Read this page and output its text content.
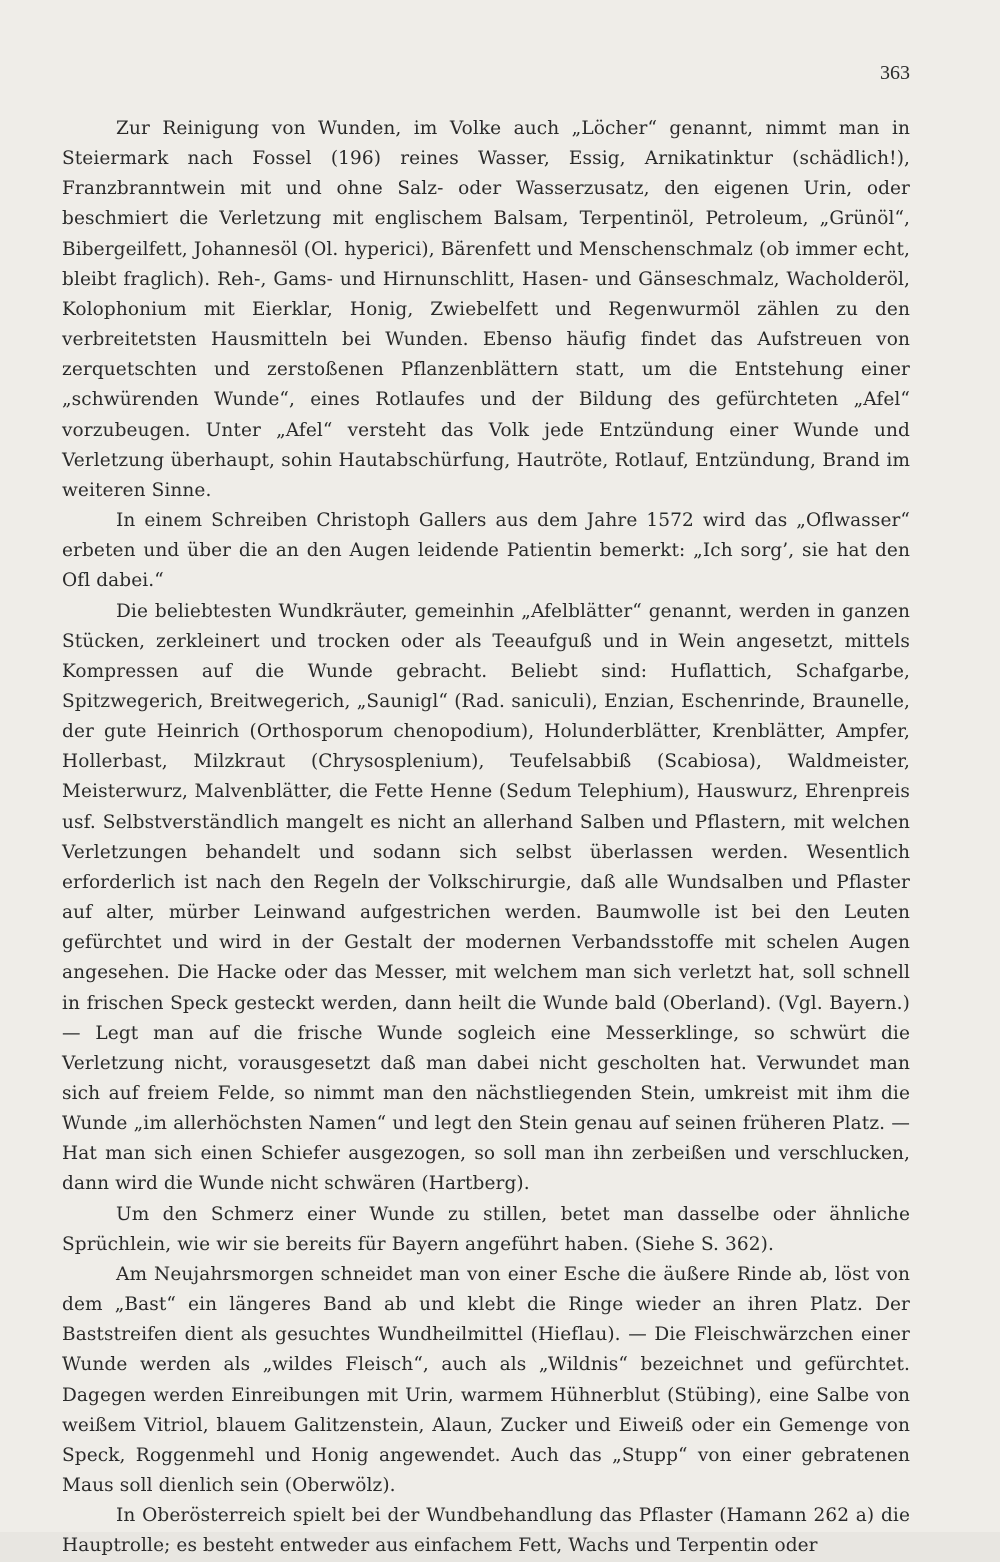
363

Zur Reinigung von Wunden, im Volke auch „Löcher“ genannt, nimmt man in Steiermark nach Fossel (196) reines Wasser, Essig, Arnikatinktur (schädlich!), Franzbranntwein mit und ohne Salz- oder Wasserzusatz, den eigenen Urin, oder beschmiert die Verletzung mit englischem Balsam, Terpentinöl, Petroleum, „Grünöl“, Bibergeilfett, Johannesöl (Ol. hyperici), Bärenfett und Menschenschmalz (ob immer echt, bleibt fraglich). Reh-, Gams- und Hirnunschlitt, Hasen- und Gänseschmalz, Wacholderöl, Kolophonium mit Eierklar, Honig, Zwiebelfett und Regenwurmöl zählen zu den verbreitetsten Hausmitteln bei Wunden. Ebenso häufig findet das Aufstreuen von zerquetschten und zerstoßenen Pflanzenblättern statt, um die Entstehung einer „schwürenden Wunde“, eines Rotlaufes und der Bildung des gefürchteten „Afel“ vorzubeugen. Unter „Afel“ versteht das Volk jede Entzündung einer Wunde und Verletzung überhaupt, sohin Hautabschürfung, Hautröte, Rotlauf, Entzündung, Brand im weiteren Sinne.

In einem Schreiben Christoph Gallers aus dem Jahre 1572 wird das „Oflwasser“ erbeten und über die an den Augen leidende Patientin bemerkt: „Ich sorg’, sie hat den Ofl dabei.“

Die beliebtesten Wundkräuter, gemeinhin „Afelblätter“ genannt, werden in ganzen Stücken, zerkleinert und trocken oder als Teeaufguß und in Wein angesetzt, mittels Kompressen auf die Wunde gebracht. Beliebt sind: Huflattich, Schafgarbe, Spitzwegerich, Breitwegerich, „Saunigl“ (Rad. saniculi), Enzian, Eschenrinde, Braunelle, der gute Heinrich (Orthosporum chenopodium), Holunderblätter, Krenblätter, Ampfer, Hollerbast, Milzkraut (Chrysosplenium), Teufelsabbiß (Scabiosa), Waldmeister, Meisterwurz, Malvenblätter, die Fette Henne (Sedum Telephium), Hauswurz, Ehrenpreis usf. Selbstverständlich mangelt es nicht an allerhand Salben und Pflastern, mit welchen Verletzungen behandelt und sodann sich selbst überlassen werden. Wesentlich erforderlich ist nach den Regeln der Volkschirurgie, daß alle Wundsalben und Pflaster auf alter, mürber Leinwand aufgestrichen werden. Baumwolle ist bei den Leuten gefürchtet und wird in der Gestalt der modernen Verbandsstoffe mit schelen Augen angesehen. Die Hacke oder das Messer, mit welchem man sich verletzt hat, soll schnell in frischen Speck gesteckt werden, dann heilt die Wunde bald (Oberland). (Vgl. Bayern.) — Legt man auf die frische Wunde sogleich eine Messerklinge, so schwürt die Verletzung nicht, vorausgesetzt daß man dabei nicht gescholten hat. Verwundet man sich auf freiem Felde, so nimmt man den nächstliegenden Stein, umkreist mit ihm die Wunde „im allerhöchsten Namen“ und legt den Stein genau auf seinen früheren Platz. — Hat man sich einen Schiefer ausgezogen, so soll man ihn zerbeißen und verschlucken, dann wird die Wunde nicht schwären (Hartberg).

Um den Schmerz einer Wunde zu stillen, betet man dasselbe oder ähnliche Sprüchlein, wie wir sie bereits für Bayern angeführt haben. (Siehe S. 362).

Am Neujahrsmorgen schneidet man von einer Esche die äußere Rinde ab, löst von dem „Bast“ ein längeres Band ab und klebt die Ringe wieder an ihren Platz. Der Baststreifen dient als gesuchtes Wundheilmittel (Hieflau). — Die Fleischwärzchen einer Wunde werden als „wildes Fleisch“, auch als „Wildnis“ bezeichnet und gefürchtet. Dagegen werden Einreibungen mit Urin, warmem Hühnerblut (Stübing), eine Salbe von weißem Vitriol, blauem Galitzenstein, Alaun, Zucker und Eiweiß oder ein Gemenge von Speck, Roggenmehl und Honig angewendet. Auch das „Stupp“ von einer gebratenen Maus soll dienlich sein (Oberwölz).

In Oberösterreich spielt bei der Wundbehandlung das Pflaster (Hamann 262 a) die Hauptrolle; es besteht entweder aus einfachem Fett, Wachs und Terpentin oder
